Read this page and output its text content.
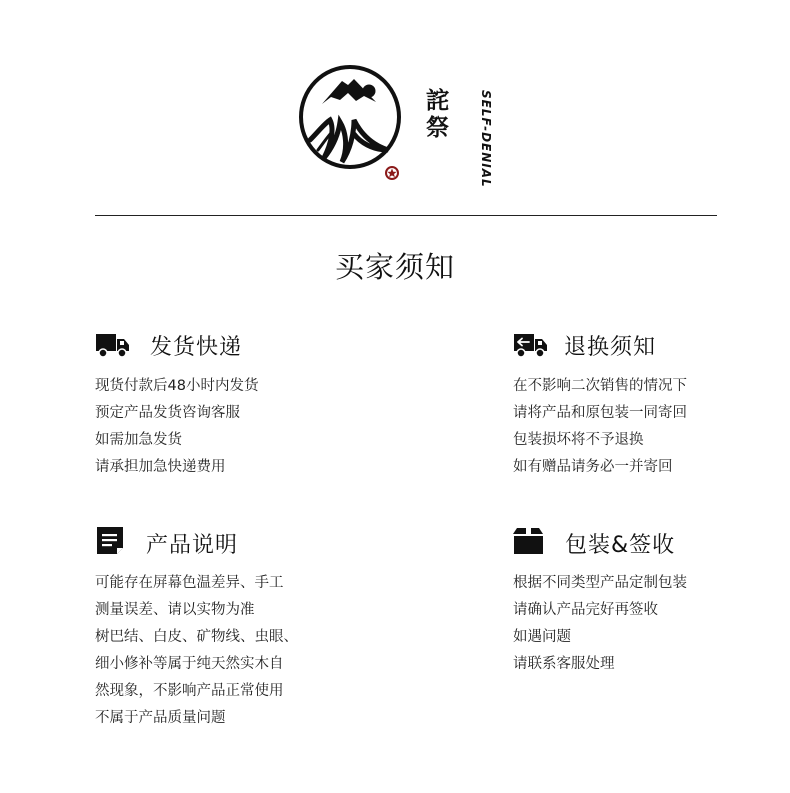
詫祭	SELF-DENIAL
买家须知
发货快递
现货付款后48小时内发货
预定产品发货咨询客服
如需加急发货
请承担加急快递费用
退换须知
在不影响二次销售的情况下
请将产品和原包装一同寄回
包装损坏将不予退换
如有赠品请务必一并寄回
产品说明
可能存在屏幕色温差异、手工
测量误差、请以实物为准
树巴结、白皮、矿物线、虫眼、
细小修补等属于纯天然实木自
然现象，不影响产品正常使用
不属于产品质量问题
包装&签收
根据不同类型产品定制包装
请确认产品完好再签收
如遇问题
请联系客服处理
